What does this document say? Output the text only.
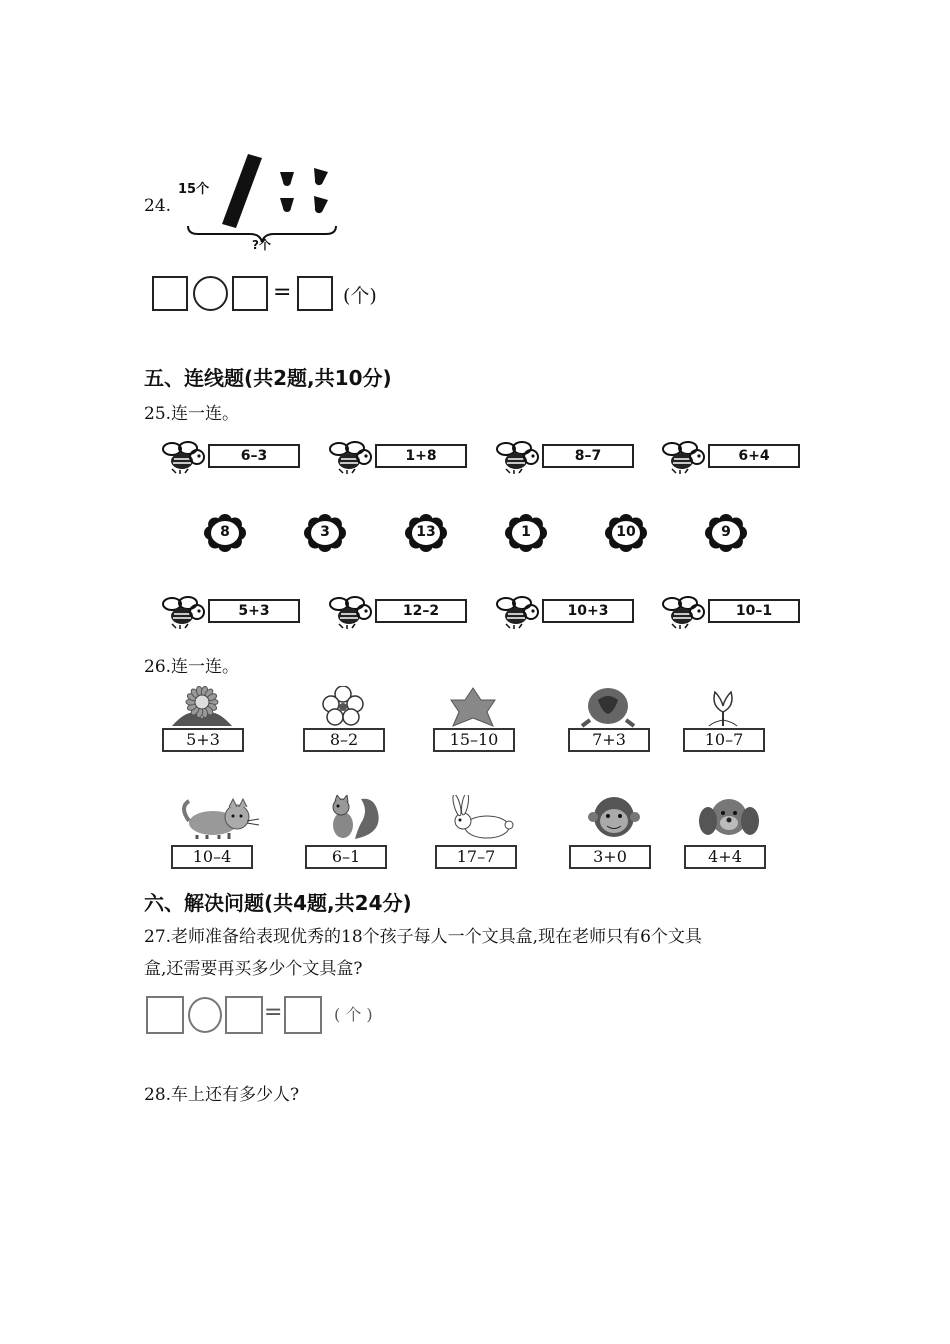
24.
15个
?个
=	(个)
五、连线题(共2题,共10分)
25.连一连。
6–3	1+8	8–7	6+4
8	3	13	1	10	9
5+3	12–2	10+3	10–1
26.连一连。
5+3	8–2	15–10	7+3	10–7
10–4	6–1	17–7	3+0	4+4
六、解决问题(共4题,共24分)
27.老师准备给表现优秀的18个孩子每人一个文具盒,现在老师只有6个文具
盒,还需要再买多少个文具盒?
=	( 个 )
28.车上还有多少人?
